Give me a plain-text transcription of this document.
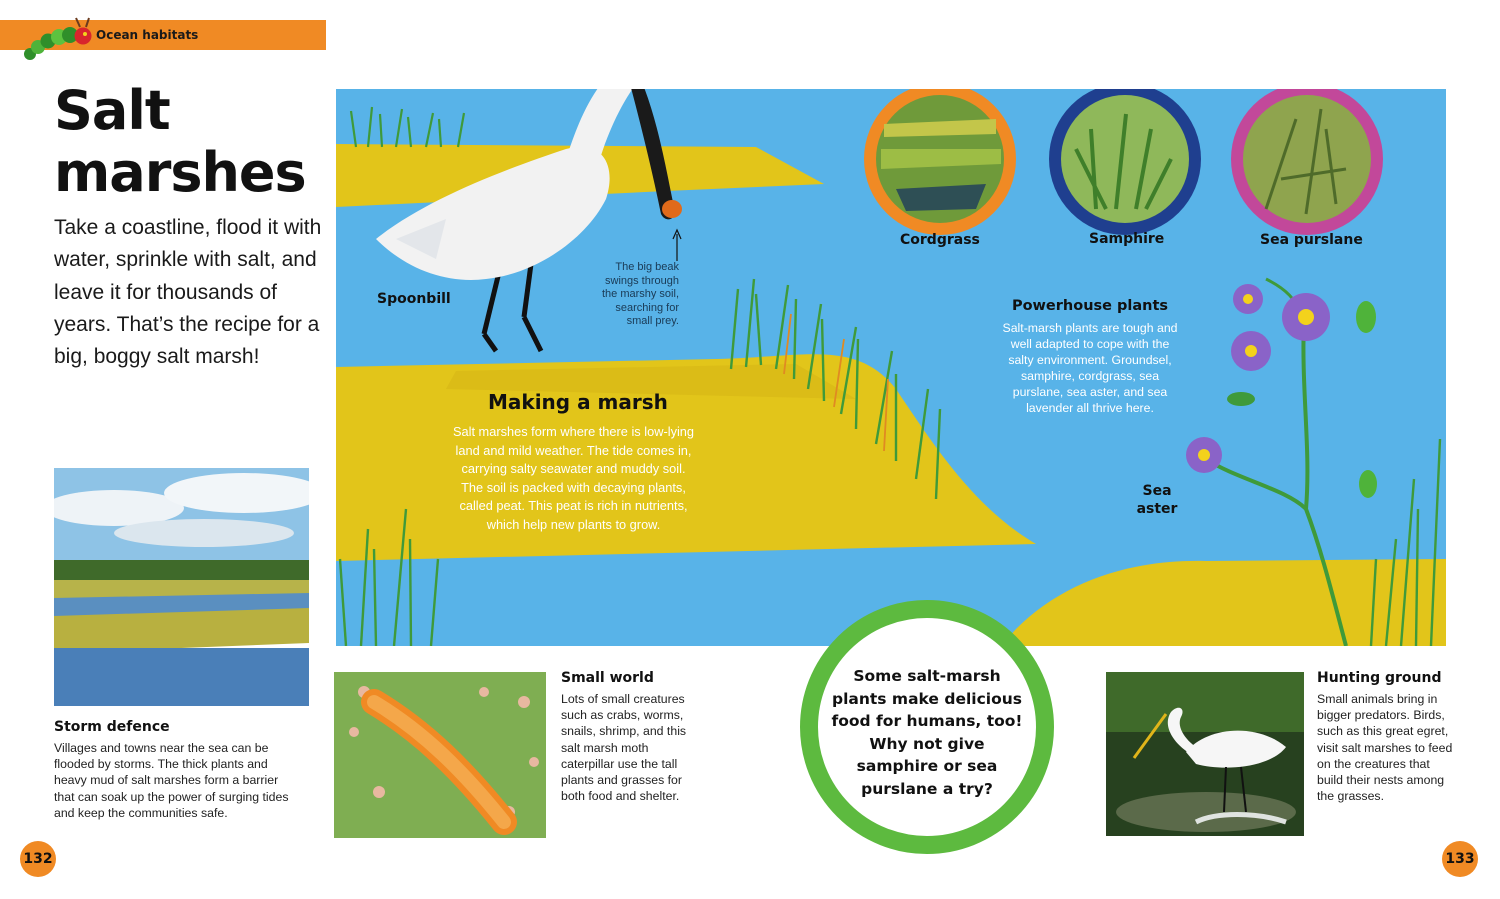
Ocean habitats
Salt
marshes
Take a coastline, flood it with water, sprinkle with salt, and leave it for thousands of years. That’s the recipe for a big, boggy salt marsh!
Spoonbill
The big beak
swings through
the marshy soil,
searching for
small prey.
Making a marsh
Salt marshes form where there is low-lying
land and mild weather. The tide comes in,
carrying salty seawater and muddy soil.
The soil is packed with decaying plants,
called peat. This peat is rich in nutrients,
which help new plants to grow.
Cordgrass	Samphire	Sea purslane
Powerhouse plants
Salt-marsh plants are tough and
well adapted to cope with the
salty environment. Groundsel,
samphire, cordgrass, sea
purslane, sea aster, and sea
lavender all thrive here.
Sea
aster
Storm defence
Villages and towns near the sea can be
flooded by storms. The thick plants and
heavy mud of salt marshes form a barrier
that can soak up the power of surging tides
and keep the communities safe.
Small world
Lots of small creatures
such as crabs, worms,
snails, shrimp, and this
salt marsh moth
caterpillar use the tall
plants and grasses for
both food and shelter.
Some salt-marsh
plants make delicious
food for humans, too!
Why not give
samphire or sea
purslane a try?
Hunting ground
Small animals bring in
bigger predators. Birds,
such as this great egret,
visit salt marshes to feed
on the creatures that
build their nests among
the grasses.
132	133
